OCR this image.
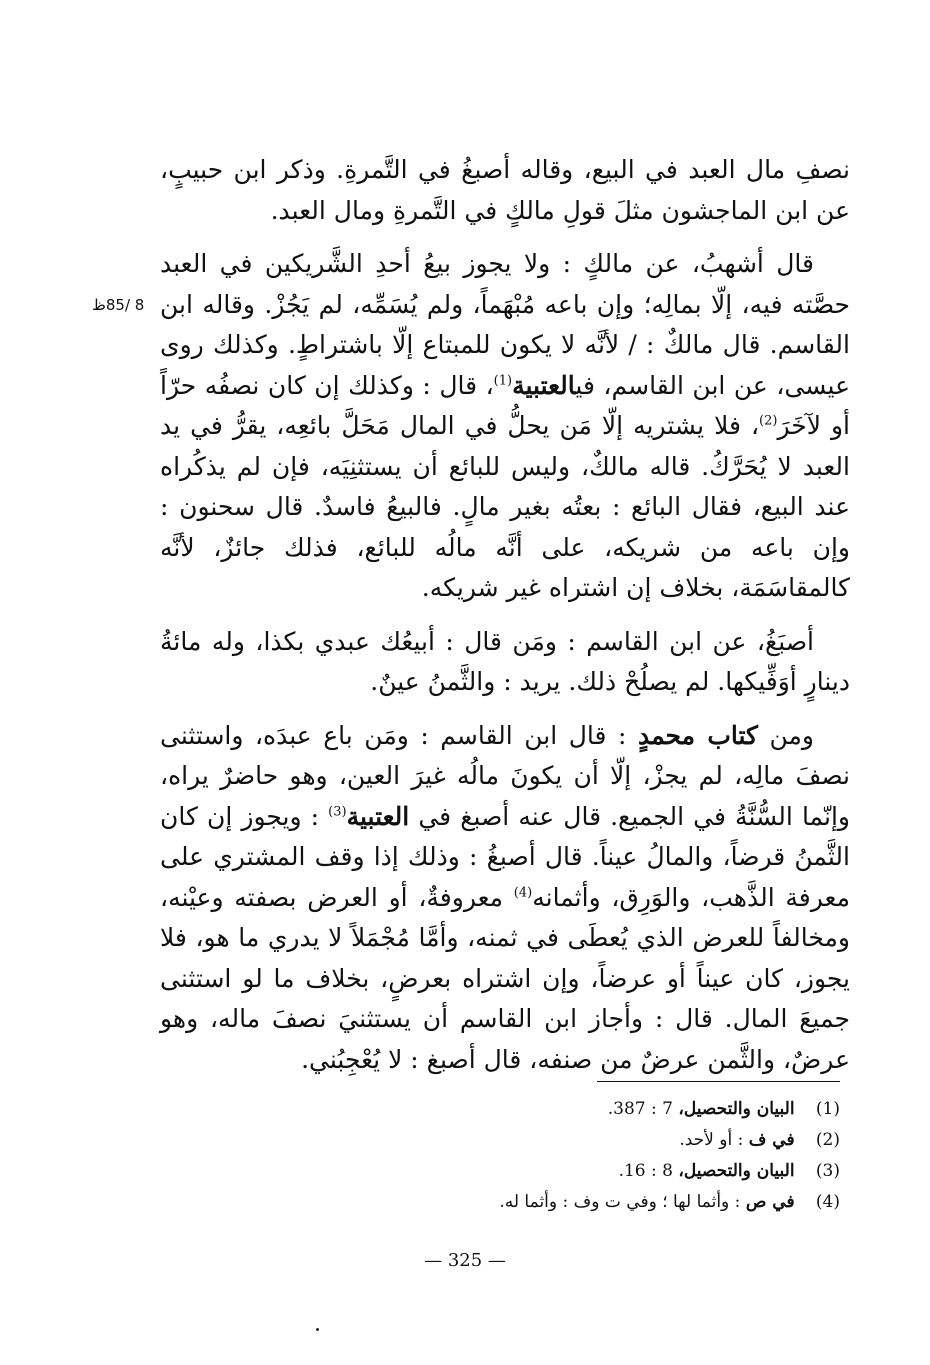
8 /85ظ

نصفِ مال العبد في البيع، وقاله أصبغُ في التَّمرةِ. وذكر ابن حبيبٍ، عن ابن الماجشون مثلَ قولِ مالكٍ في التَّمرةِ ومال العبد.

قال أشهبُ، عن مالكٍ : ولا يجوز بيعُ أحدِ الشَّريكين في العبد حصَّته فيه، إلّا بمالِه؛ وإن باعه مُبْهَماً، ولم يُسَمِّه، لم يَجُزْ. وقاله ابن القاسم. قال مالكٌ : / لأنَّه لا يكون للمبتاع إلّا باشتراطٍ. وكذلك روى عيسى، عن ابن القاسم، فيالعتبية$^{(1)}$، قال : وكذلك إن كان نصفُه حرّاً أو لآخَرَ$^{(2)}$، فلا يشتريه إلّا مَن يحلُّ في المال مَحَلَّ بائعِه، يقرُّ في يد العبد لا يُحَرَّكُ. قاله مالكٌ، وليس للبائع أن يستثنِيَه، فإن لم يذكُراه عند البيع، فقال البائع : بعتُه بغير مالٍ. فالبيعُ فاسدٌ. قال سحنون : وإن باعه من شريكه، على أنَّه مالُه للبائع، فذلك جائزٌ، لأنَّه كالمقاسَمَة، بخلاف إن اشتراه غير شريكه.

أصبَغُ، عن ابن القاسم : ومَن قال : أبيعُك عبدي بكذا، وله مائةُ دينارٍ أوَفِّيكها. لم يصلُحْ ذلك. يريد : والثَّمنُ عينٌ.

ومن كتاب محمدٍ : قال ابن القاسم : ومَن باع عبدَه، واستثنى نصفَ مالِه، لم يجزْ، إلّا أن يكونَ مالُه غيرَ العين، وهو حاضرٌ يراه، وإنّما السُّنَّةُ في الجميع. قال عنه أصبغ في العتبية$^{(3)}$ : ويجوز إن كان الثَّمنُ قرضاً، والمالُ عيناً. قال أصبغُ : وذلك إذا وقف المشتري على معرفة الذَّهب، والوَرِق، وأثمانه$^{(4)}$ معروفةٌ، أو العرض بصفته وعيْنه، ومخالفاً للعرض الذي يُعطَى في ثمنه، وأمَّا مُجْمَلاً لا يدري ما هو، فلا يجوز، كان عيناً أو عرضاً، وإن اشتراه بعرضٍ، بخلاف ما لو استثنى جميعَ المال. قال : وأجاز ابن القاسم أن يستثنيَ نصفَ ماله، وهو عرضٌ، والثَّمن عرضٌ من صنفه، قال أصبغ : لا يُعْجِبُني.

(1) البيان والتحصيل، 7 : 387.
(2) في ف : أو لأحد.
(3) البيان والتحصيل، 8 : 16.
(4) في ص : وأثما لها ؛ وفي ت وف : وأثما له.
— 325 —
